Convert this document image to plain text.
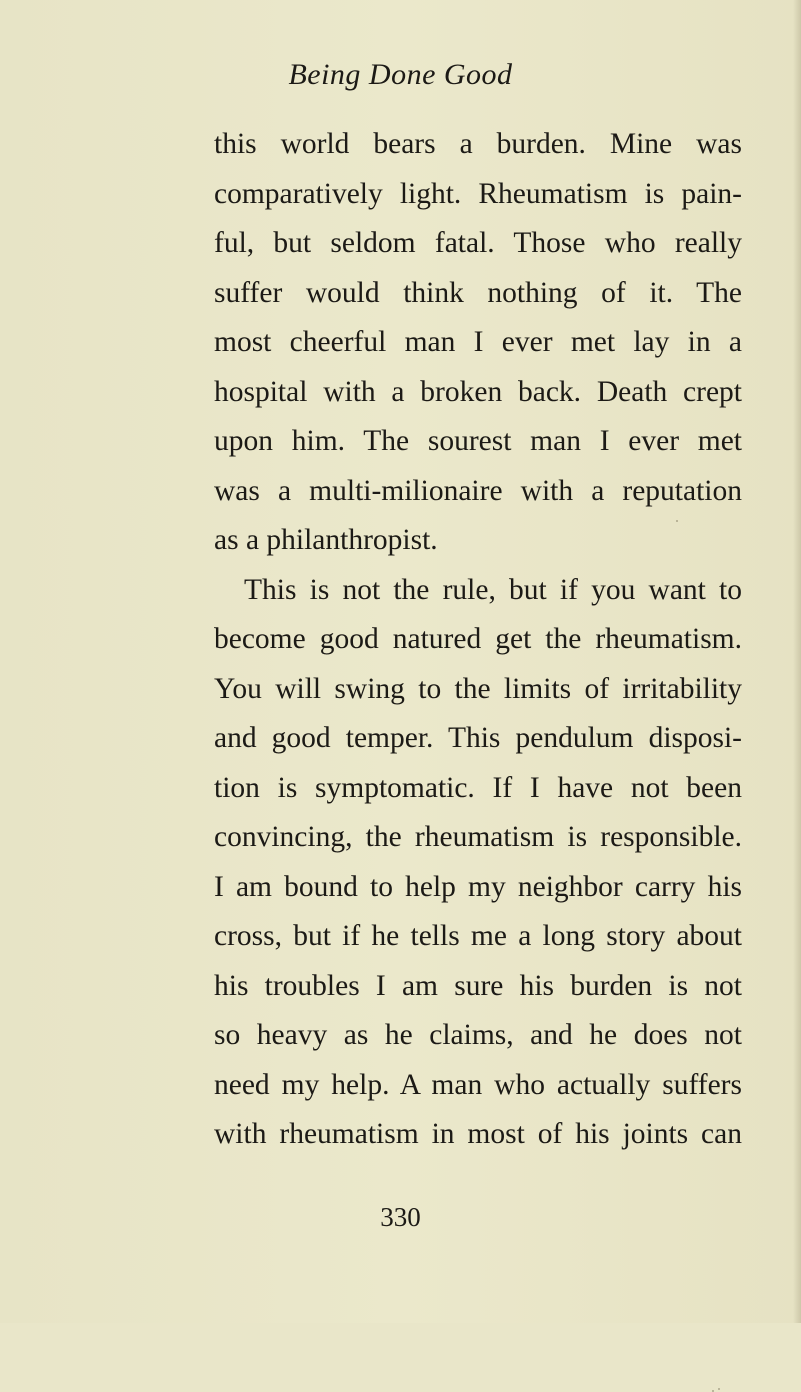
Being Done Good
this world bears a burden. Mine was
comparatively light. Rheumatism is pain-
ful, but seldom fatal. Those who really
suffer would think nothing of it. The
most cheerful man I ever met lay in a
hospital with a broken back. Death crept
upon him. The sourest man I ever met
was a multi-milionaire with a reputation
as a philanthropist.
This is not the rule, but if you want to
become good natured get the rheumatism.
You will swing to the limits of irritability
and good temper. This pendulum disposi-
tion is symptomatic. If I have not been
convincing, the rheumatism is responsible.
I am bound to help my neighbor carry his
cross, but if he tells me a long story about
his troubles I am sure his burden is not
so heavy as he claims, and he does not
need my help. A man who actually suffers
with rheumatism in most of his joints can
330
